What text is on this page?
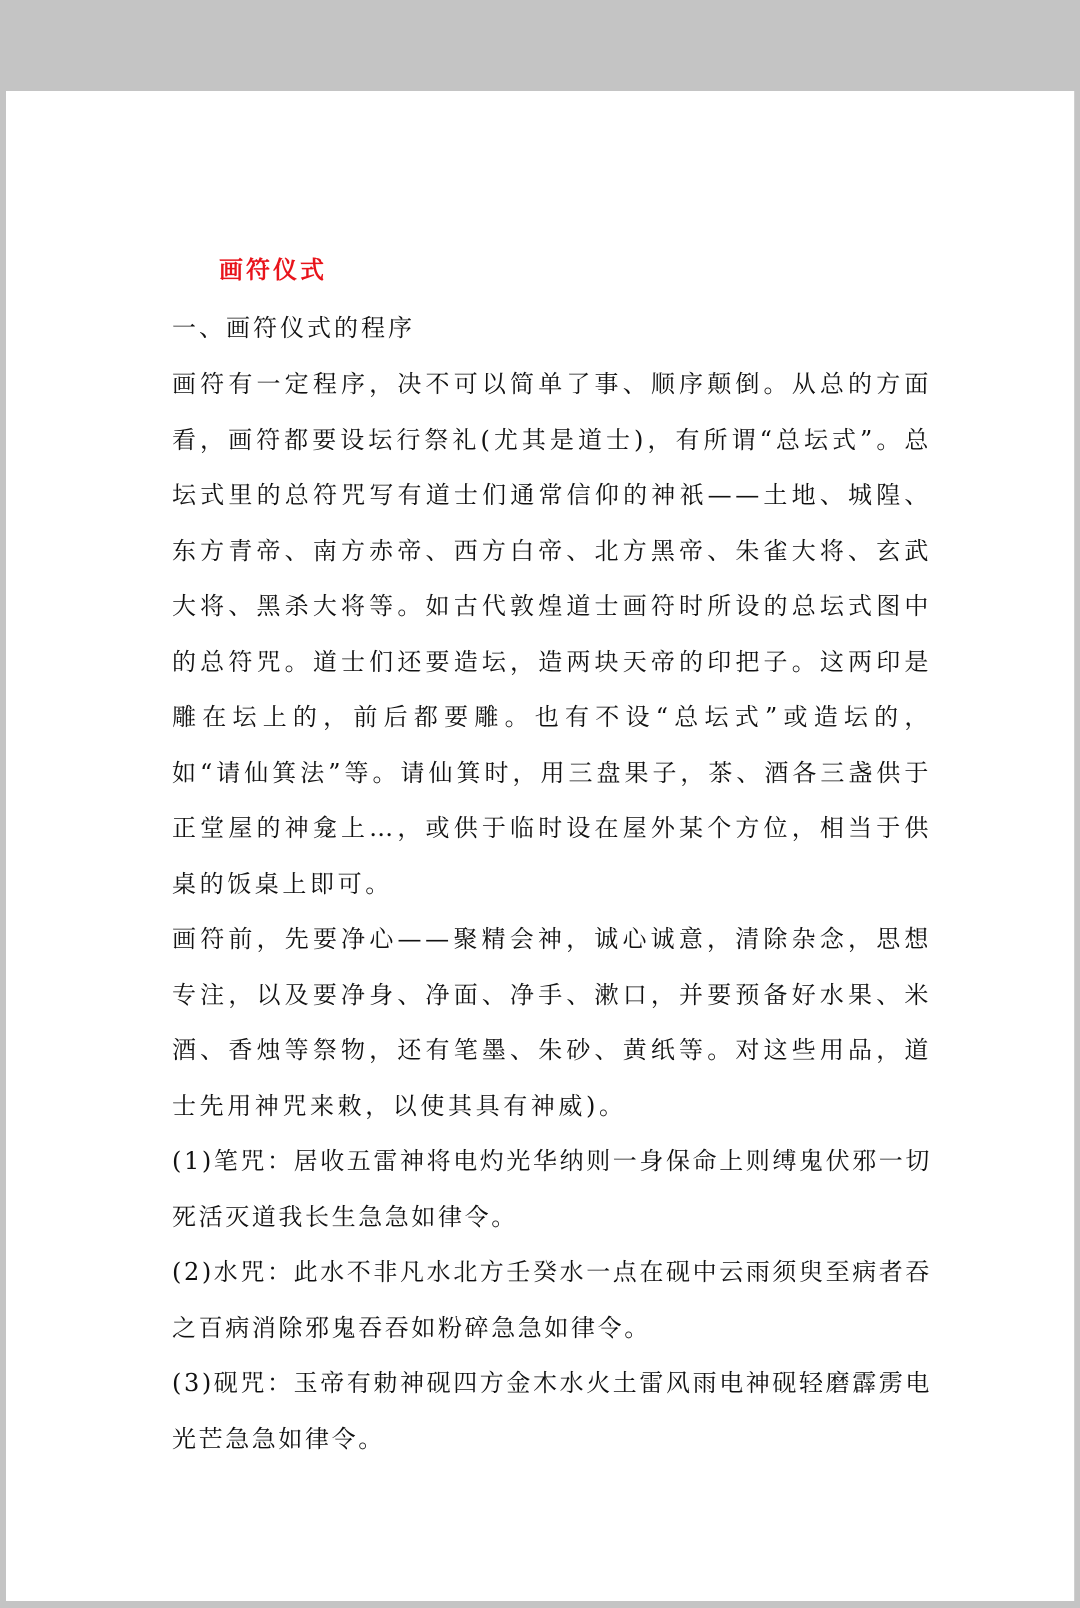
画符仪式
一、画符仪式的程序

画符有一定程序，决不可以简单了事、顺序颠倒。从总的方面看，画符都要设坛行祭礼(尤其是道士)，有所谓“总坛式”。总坛式里的总符咒写有道士们通常信仰的神祇——土地、城隍、东方青帝、南方赤帝、西方白帝、北方黑帝、朱雀大将、玄武大将、黑杀大将等。如古代敦煌道士画符时所设的总坛式图中的总符咒。道士们还要造坛，造两块天帝的印把子。这两印是雕在坛上的，前后都要雕。也有不设“总坛式”或造坛的，如“请仙箕法”等。请仙箕时，用三盘果子，茶、酒各三盏供于正堂屋的神龛上…，或供于临时设在屋外某个方位，相当于供桌的饭桌上即可。

画符前，先要净心——聚精会神，诚心诚意，清除杂念，思想专注，以及要净身、净面、净手、漱口，并要预备好水果、米酒、香烛等祭物，还有笔墨、朱砂、黄纸等。对这些用品，道士先用神咒来敕，以使其具有神威)。

(1)笔咒：居收五雷神将电灼光华纳则一身保命上则缚鬼伏邪一切死活灭道我长生急急如律令。

(2)水咒：此水不非凡水北方壬癸水一点在砚中云雨须臾至病者吞之百病消除邪鬼吞吞如粉碎急急如律令。

(3)砚咒：玉帝有勅神砚四方金木水火土雷风雨电神砚轻磨霹雳电光芒急急如律令。
